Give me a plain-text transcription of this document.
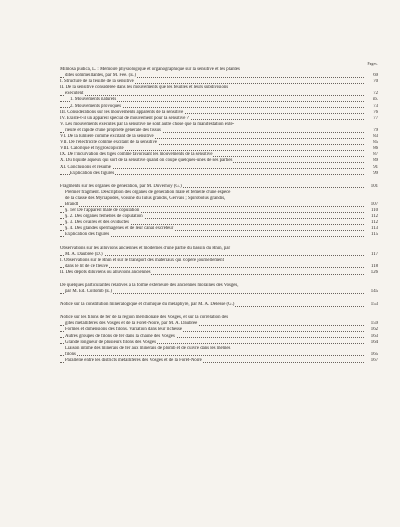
Pages.
Mimosa pudica, L. : Mémoire physiologique et organographique sur la sensitive et les plantes
dites sommeillantes, par M. Fée. (E.)	69
I. Structure de la feuille de la sensitive	70
II. De la sensitive considérée dans les mouvements que les feuilles et leurs subdivisions
exécutent	72
1. Mouvements naturels	ib.
2. Mouvements provoqués	73
III. Considérations sur les mouvements apparents de la sensitive	76
IV. Existe-t-il un appareil spécial de mouvement pour la sensitive ?	77
V. Les mouvements exécutés par la sensitive ne sont autre chose que la manifestation exté-
rieure et rapide d'une propriété générale des tissus	79
VI. De la lumière comme excitant de la sensitive	83
VII. De l'électricité comme excitant de la sensitive	85
VIII. Calorique et hygroscopicité	86
IX. De l'incurvation des tiges comme favorisant les mouvements de la sensitive	87
X. Du liquide aqueux qui sort de la sensitive quand on coupe quelques-unes de ses parties	89
XI. Conclusions et résumé	91
Explication des figures	99
Fragments sur les organes de génération, par M. Duvernoy (G.)	101
Premier fragment. Description des organes de génération mâle et femelle d'une espèce
de la classe des Myriapodes, voisine du Iulus grandis, Gervais ; Spirobolus grandis,
Brandt	107
§. 1er De l'appareil mâle de copulation	110
§. 2. Des organes femelles de copulation	112
§. 3. Des ovaires et des oviductes	112
§. 4. Des glandes spermagènes et de leur canal excréteur	113
Explication des figures	115
Observations sur les alluvions anciennes et modernes d'une partie du bassin du Rhin, par
M. A. Daubrée (D.)	117
I. Observations sur le Rhin et sur le transport des matériaux qui s'opère journellement
dans le lit de ce fleuve	118
II. Des dépôts diluviens ou alluvions anciennes	126
De quelques particularités relatives à la forme extérieure des anciennes moraines des Vosges,
par M. Éd. Collomb (E.)	145
Notice sur la constitution minéralogique et chimique du mélaphyre, par M. A. Delesse (G.)	153
Notice sur les filons de fer de la région méridionale des Vosges, et sur la corrélation des
gîtes métallifères des Vosges et de la Forêt-Noire, par M. A. Daubrée	159
Formes et dimensions des filons. Variation dans leur richesse	162
Autres groupes de filons de fer dans la chaîne des Vosges	163
Grande longueur de plusieurs filons des Vosges	164
Liaison intime des minerais de fer aux minerais de plomb et de cuivre dans les mêmes
filons	165
Parallélie entre les districts métallifères des Vosges et de la Forêt-Noire	167
